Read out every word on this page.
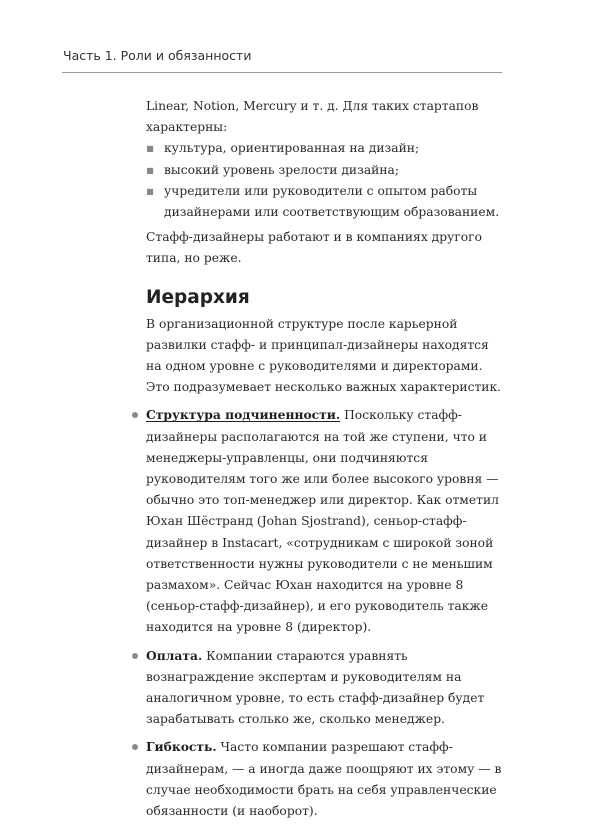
Часть 1. Роли и обязанности

Linear, Notion, Mercury и т. д. Для таких стартапов характерны:

▪ культура, ориентированная на дизайн;
▪ высокий уровень зрелости дизайна;
▪ учредители или руководители с опытом работы дизайнерами или соответствующим образованием.

Стафф-дизайнеры работают и в компаниях другого типа, но реже.

Иерархия

В организационной структуре после карьерной развилки стафф- и принципал-дизайнеры находятся на одном уровне с руководителями и директорами. Это подразумевает несколько важных характеристик.

Структура подчиненности. Поскольку стафф-дизайнеры располагаются на той же ступени, что и менеджеры-управленцы, они подчиняются руководителям того же или более высокого уровня — обычно это топ-менеджер или директор. Как отметил Юхан Шёстранд (Johan Sjostrand), сеньор-стафф-дизайнер в Instacart, «сотрудникам с широкой зоной ответственности нужны руководители с не меньшим размахом». Сейчас Юхан находится на уровне 8 (сеньор-стафф-дизайнер), и его руководитель также находится на уровне 8 (директор).
Оплата. Компании стараются уравнять вознаграждение экспертам и руководителям на аналогичном уровне, то есть стафф-дизайнер будет зарабатывать столько же, сколько менеджер.
Гибкость. Часто компании разрешают стафф-дизайнерам, — а иногда даже поощряют их этому — в случае необходимости брать на себя управленческие обязанности (и наоборот).
